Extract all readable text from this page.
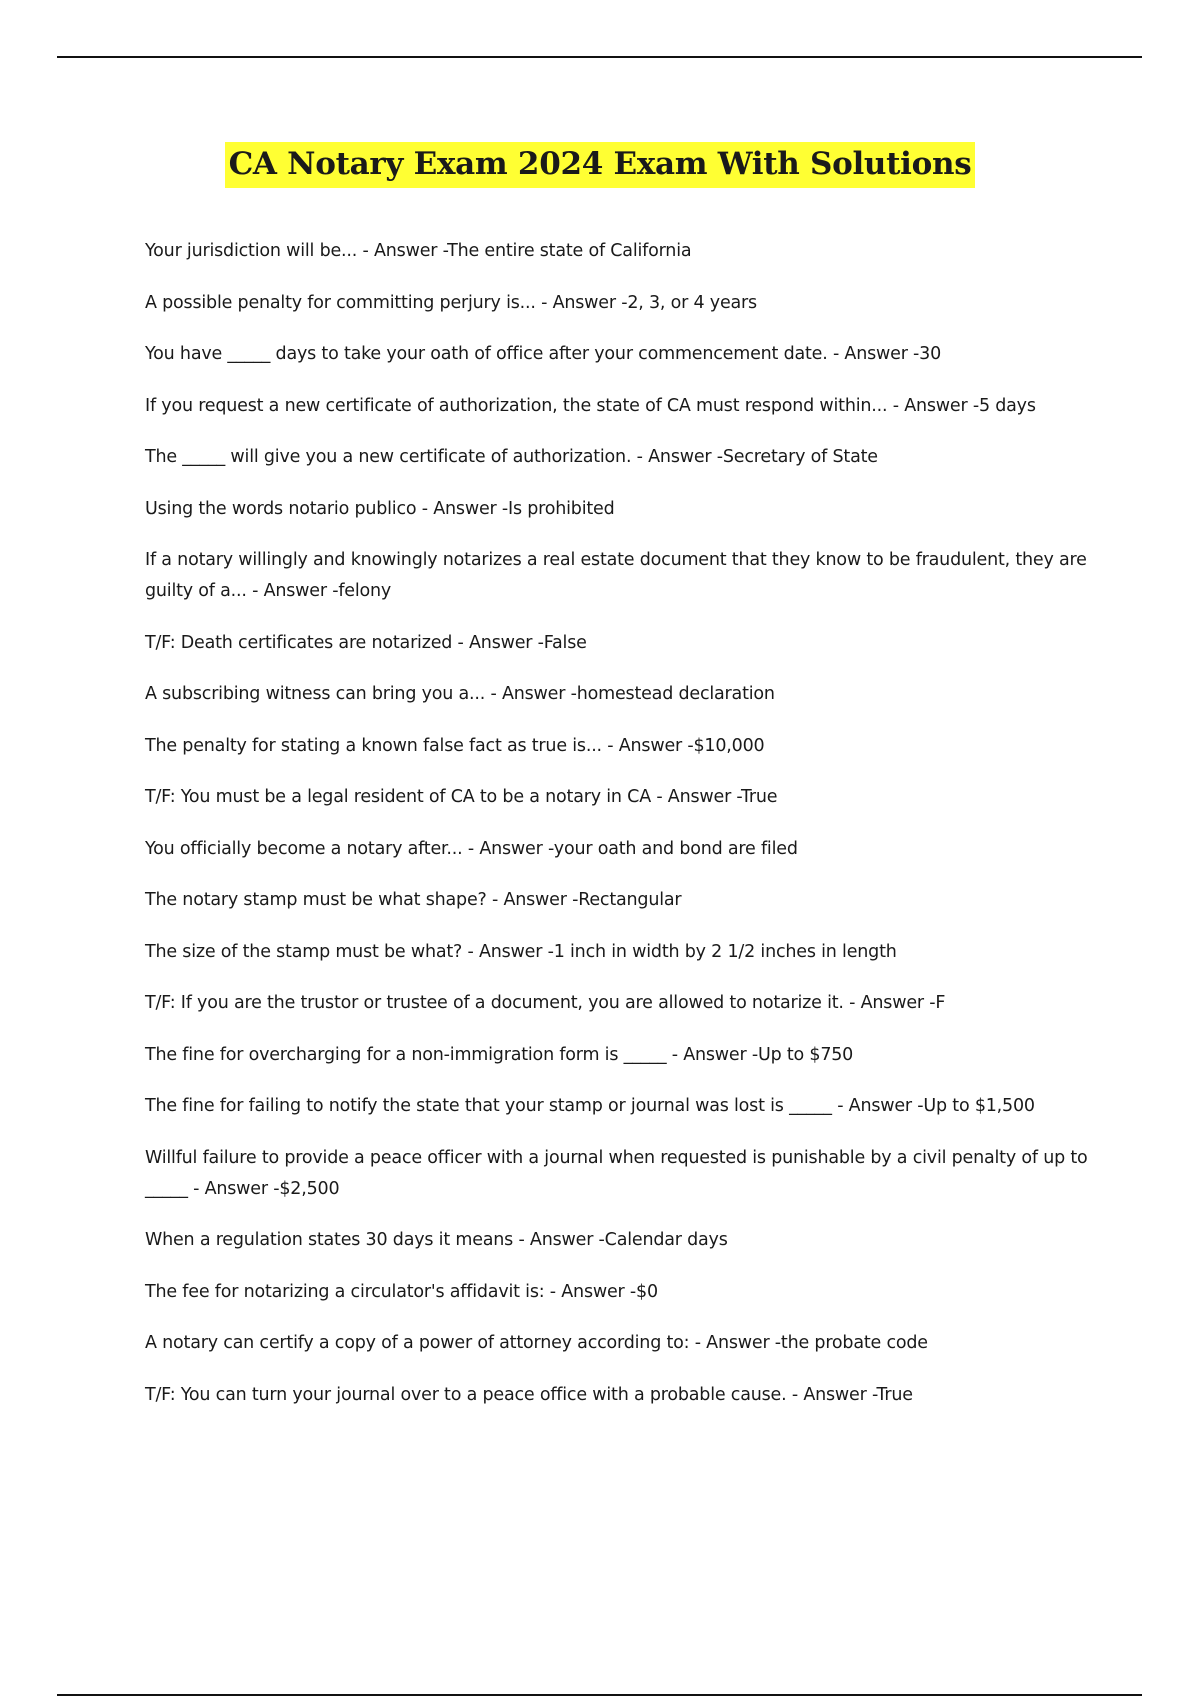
CA Notary Exam 2024 Exam With Solutions
Your jurisdiction will be... - Answer -The entire state of California
A possible penalty for committing perjury is... - Answer -2, 3, or 4 years
You have _____ days to take your oath of office after your commencement date. - Answer -30
If you request a new certificate of authorization, the state of CA must respond within... - Answer -5 days
The _____ will give you a new certificate of authorization. - Answer -Secretary of State
Using the words notario publico - Answer -Is prohibited
If a notary willingly and knowingly notarizes a real estate document that they know to be fraudulent, they are guilty of a... - Answer -felony
T/F: Death certificates are notarized - Answer -False
A subscribing witness can bring you a... - Answer -homestead declaration
The penalty for stating a known false fact as true is... - Answer -$10,000
T/F: You must be a legal resident of CA to be a notary in CA - Answer -True
You officially become a notary after... - Answer -your oath and bond are filed
The notary stamp must be what shape? - Answer -Rectangular
The size of the stamp must be what? - Answer -1 inch in width by 2 1/2 inches in length
T/F: If you are the trustor or trustee of a document, you are allowed to notarize it. - Answer -F
The fine for overcharging for a non-immigration form is _____ - Answer -Up to $750
The fine for failing to notify the state that your stamp or journal was lost is _____ - Answer -Up to $1,500
Willful failure to provide a peace officer with a journal when requested is punishable by a civil penalty of up to _____ - Answer -$2,500
When a regulation states 30 days it means - Answer -Calendar days
The fee for notarizing a circulator's affidavit is: - Answer -$0
A notary can certify a copy of a power of attorney according to: - Answer -the probate code
T/F: You can turn your journal over to a peace office with a probable cause. - Answer -True
